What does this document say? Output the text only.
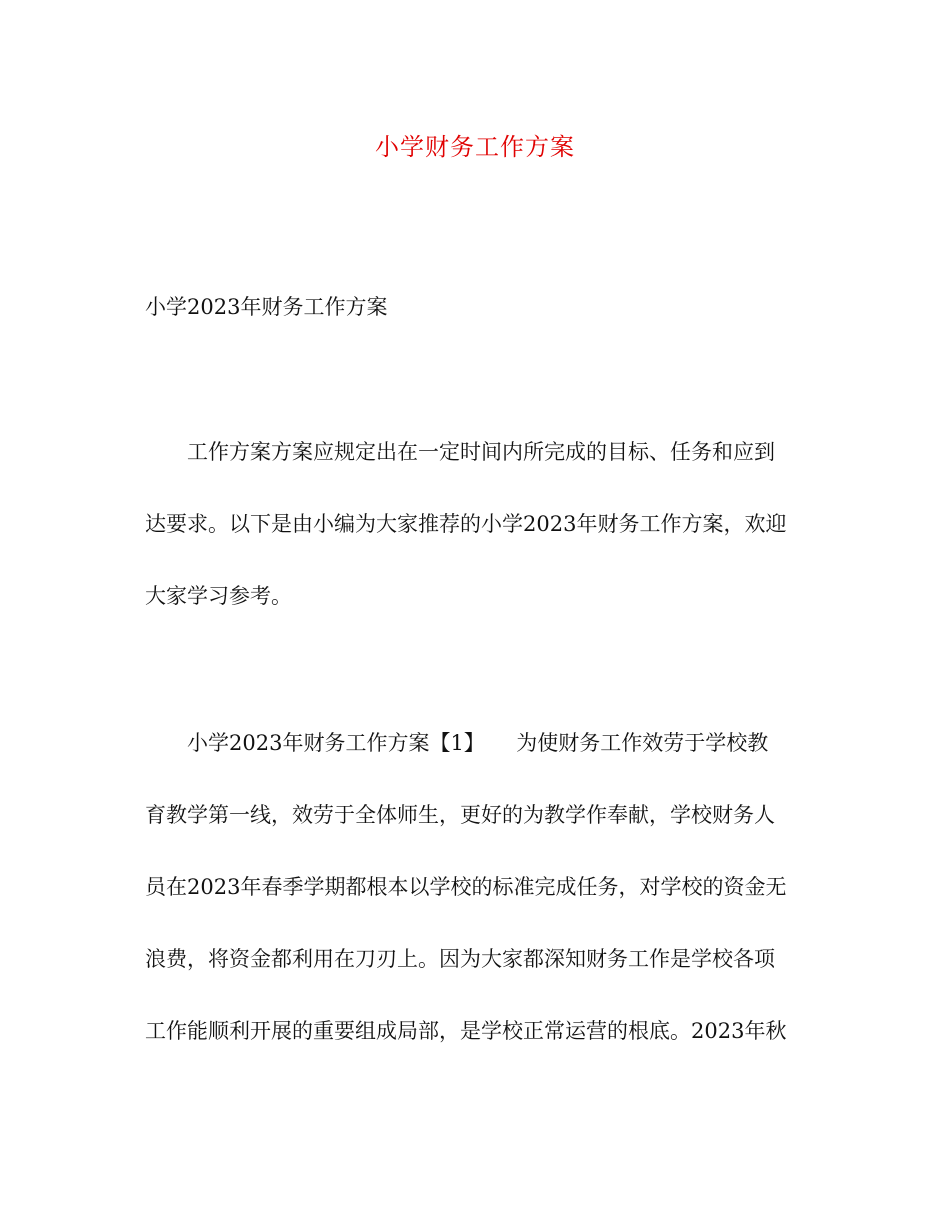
小学财务工作方案
小学2023年财务工作方案
工作方案方案应规定出在一定时间内所完成的目标、任务和应到
达要求。以下是由小编为大家推荐的小学2023年财务工作方案，欢迎
大家学习参考。
小学2023年财务工作方案【1】　　为使财务工作效劳于学校教
育教学第一线，效劳于全体师生，更好的为教学作奉献，学校财务人
员在2023年春季学期都根本以学校的标准完成任务，对学校的资金无
浪费，将资金都利用在刀刃上。因为大家都深知财务工作是学校各项
工作能顺利开展的重要组成局部，是学校正常运营的根底。2023年秋
